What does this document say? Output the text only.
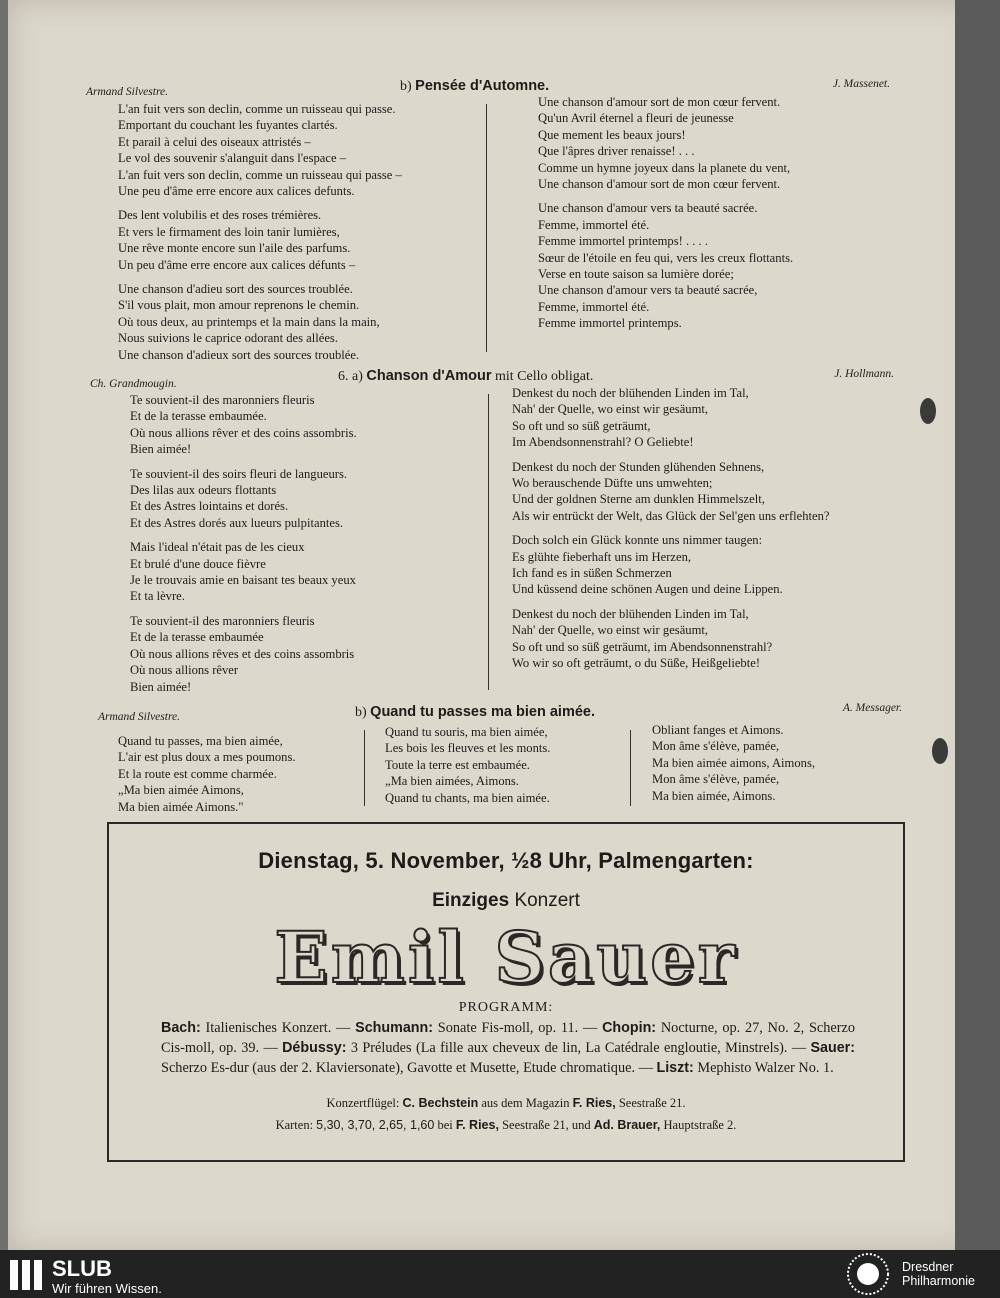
Armand Silvestre.	b) Pensée d'Automne.	J. Massenet.
L'an fuit vers son declin, comme un ruisseau qui passe.
Emportant du couchant les fuyantes clartés.
Et parail à celui des oiseaux attristés –
Le vol des souvenir s'alanguit dans l'espace –
L'an fuit vers son declin, comme un ruisseau qui passe –
Une peu d'âme erre encore aux calices defunts.
Des lent volubilis et des roses trémières.
Et vers le firmament des loin tanir lumières,
Une rêve monte encore sun l'aile des parfums.
Un peu d'âme erre encore aux calices défunts –
Une chanson d'adieu sort des sources troublée.
S'il vous plait, mon amour reprenons le chemin.
Où tous deux, au printemps et la main dans la main,
Nous suivions le caprice odorant des allées.
Une chanson d'adieux sort des sources troublée.
Une chanson d'amour sort de mon cœur fervent.
Qu'un Avril éternel a fleuri de jeunesse
Que mement les beaux jours!
Que l'âpres driver renaisse! . . .
Comme un hymne joyeux dans la planete du vent,
Une chanson d'amour sort de mon cœur fervent.
Une chanson d'amour vers ta beauté sacrée.
Femme, immortel été.
Femme immortel printemps! . . . .
Sœur de l'étoile en feu qui, vers les creux flottants.
Verse en toute saison sa lumière dorée;
Une chanson d'amour vers ta beauté sacrée,
Femme, immortel été.
Femme immortel printemps.
Ch. Grandmougin.	6. a) Chanson d'Amour mit Cello obligat.	J. Hollmann.
Te souvient-il des maronniers fleuris
Et de la terasse embaumée.
Où nous allions rêver et des coins assombris.
Bien aimée!
Te souvient-il des soirs fleuri de langueurs.
Des lilas aux odeurs flottants
Et des Astres lointains et dorés.
Et des Astres dorés aux lueurs pulpitantes.
Mais l'ideal n'était pas de les cieux
Et brulé d'une douce fièvre
Je le trouvais amie en baisant tes beaux yeux
Et ta lèvre.
Te souvient-il des maronniers fleuris
Et de la terasse embaumée
Où nous allions rêves et des coins assombris
Où nous allions rêver
Bien aimée!
Denkest du noch der blühenden Linden im Tal,
Nah' der Quelle, wo einst wir gesäumt,
So oft und so süß geträumt,
Im Abendsonnenstrahl? O Geliebte!
Denkest du noch der Stunden glühenden Sehnens,
Wo berauschende Düfte uns umwehten;
Und der goldnen Sterne am dunklen Himmelszelt,
Als wir entrückt der Welt, das Glück der Sel'gen uns erflehten?
Doch solch ein Glück konnte uns nimmer taugen:
Es glühte fieberhaft uns im Herzen,
Ich fand es in süßen Schmerzen
Und küssend deine schönen Augen und deine Lippen.
Denkest du noch der blühenden Linden im Tal,
Nah' der Quelle, wo einst wir gesäumt,
So oft und so süß geträumt, im Abendsonnenstrahl?
Wo wir so oft geträumt, o du Süße, Heißgeliebte!
Armand Silvestre.	b) Quand tu passes ma bien aimée.	A. Messager.
Quand tu passes, ma bien aimée,
L'air est plus doux a mes poumons.
Et la route est comme charmée.
„Ma bien aimée Aimons,
Ma bien aimée Aimons."
Quand tu souris, ma bien aimée,
Les bois les fleuves et les monts.
Toute la terre est embaumée.
„Ma bien aimées, Aimons.
Quand tu chants, ma bien aimée.
Obliant fanges et Aimons.
Mon âme s'élève, pamée,
Ma bien aimée aimons, Aimons,
Mon âme s'élève, pamée,
Ma bien aimée, Aimons.
Dienstag, 5. November, ½8 Uhr, Palmengarten:
Einziges Konzert
Emil Sauer
PROGRAMM:
Bach: Italienisches Konzert. — Schumann: Sonate Fis-moll, op. 11. — Chopin: Nocturne, op. 27, No. 2, Scherzo Cis-moll, op. 39. — Débussy: 3 Préludes (La fille aux cheveux de lin, La Catédrale engloutie, Minstrels). — Sauer: Scherzo Es-dur (aus der 2. Klaviersonate), Gavotte et Musette, Etude chromatique. — Liszt: Mephisto Walzer No. 1.
Konzertflügel: C. Bechstein aus dem Magazin F. Ries, Seestraße 21.
Karten: 5,30, 3,70, 2,65, 1,60 bei F. Ries, Seestraße 21, und Ad. Brauer, Hauptstraße 2.
SLUB
Wir führen Wissen.
Dresdner
Philharmonie
